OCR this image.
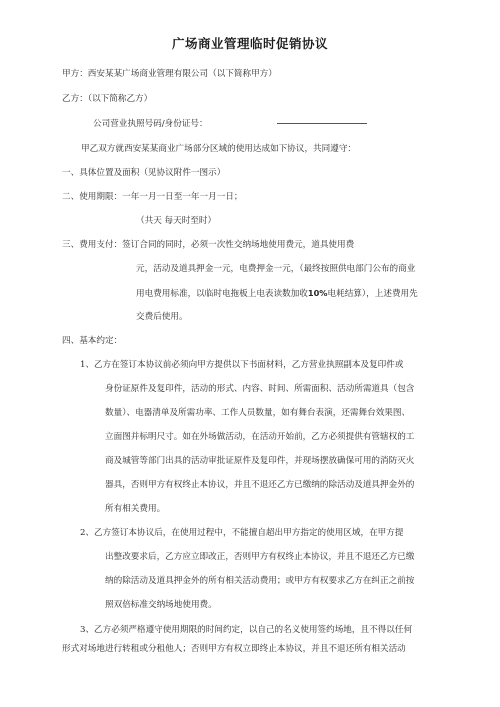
广场商业管理临时促销协议
甲方：西安某某广场商业管理有限公司（以下简称甲方）
乙方：（以下简称乙方）
公司营业执照号码/身份证号：
甲乙双方就西安某某商业广场部分区域的使用达成如下协议，共同遵守：
一、具体位置及面积（见协议附件一图示）
二、使用期限：一年一月一日至一年一月一日；
（共天 每天时至时）
三、费用支付：签订合同的同时，必须一次性交纳场地使用费元，道具使用费
元，活动及道具押金一元，电费押金一元，（最终按照供电部门公布的商业
用电费用标准，以临时电拖板上电表读数加收10%电耗结算），上述费用先
交费后使用。
四、基本约定：
1、乙方在签订本协议前必须向甲方提供以下书面材料，乙方营业执照副本及复印件或
身份证原件及复印件，活动的形式、内容、时间、所需面积、活动所需道具（包含
数量）、电器清单及所需功率、工作人员数量，如有舞台表演，还需舞台效果图、
立面图并标明尺寸。如在外场做活动，在活动开始前，乙方必须提供有管辖权的工
商及城管等部门出具的活动审批证原件及复印件，并现场摆放确保可用的消防灭火
器具，否则甲方有权终止本协议，并且不退还乙方已缴纳的除活动及道具押金外的
所有相关费用。
2、乙方签订本协议后，在使用过程中，不能擅自超出甲方指定的使用区域，在甲方提
出整改要求后，乙方应立即改正，否则甲方有权终止本协议，并且不退还乙方已缴
纳的除活动及道具押金外的所有相关活动费用；或甲方有权要求乙方在纠正之前按
照双倍标准交纳场地使用费。
3、乙方必须严格遵守使用期限的时间约定，以自己的名义使用签约场地，且不得以任何
形式对场地进行转租或分租他人；否则甲方有权立即终止本协议，并且不退还所有相关活动
